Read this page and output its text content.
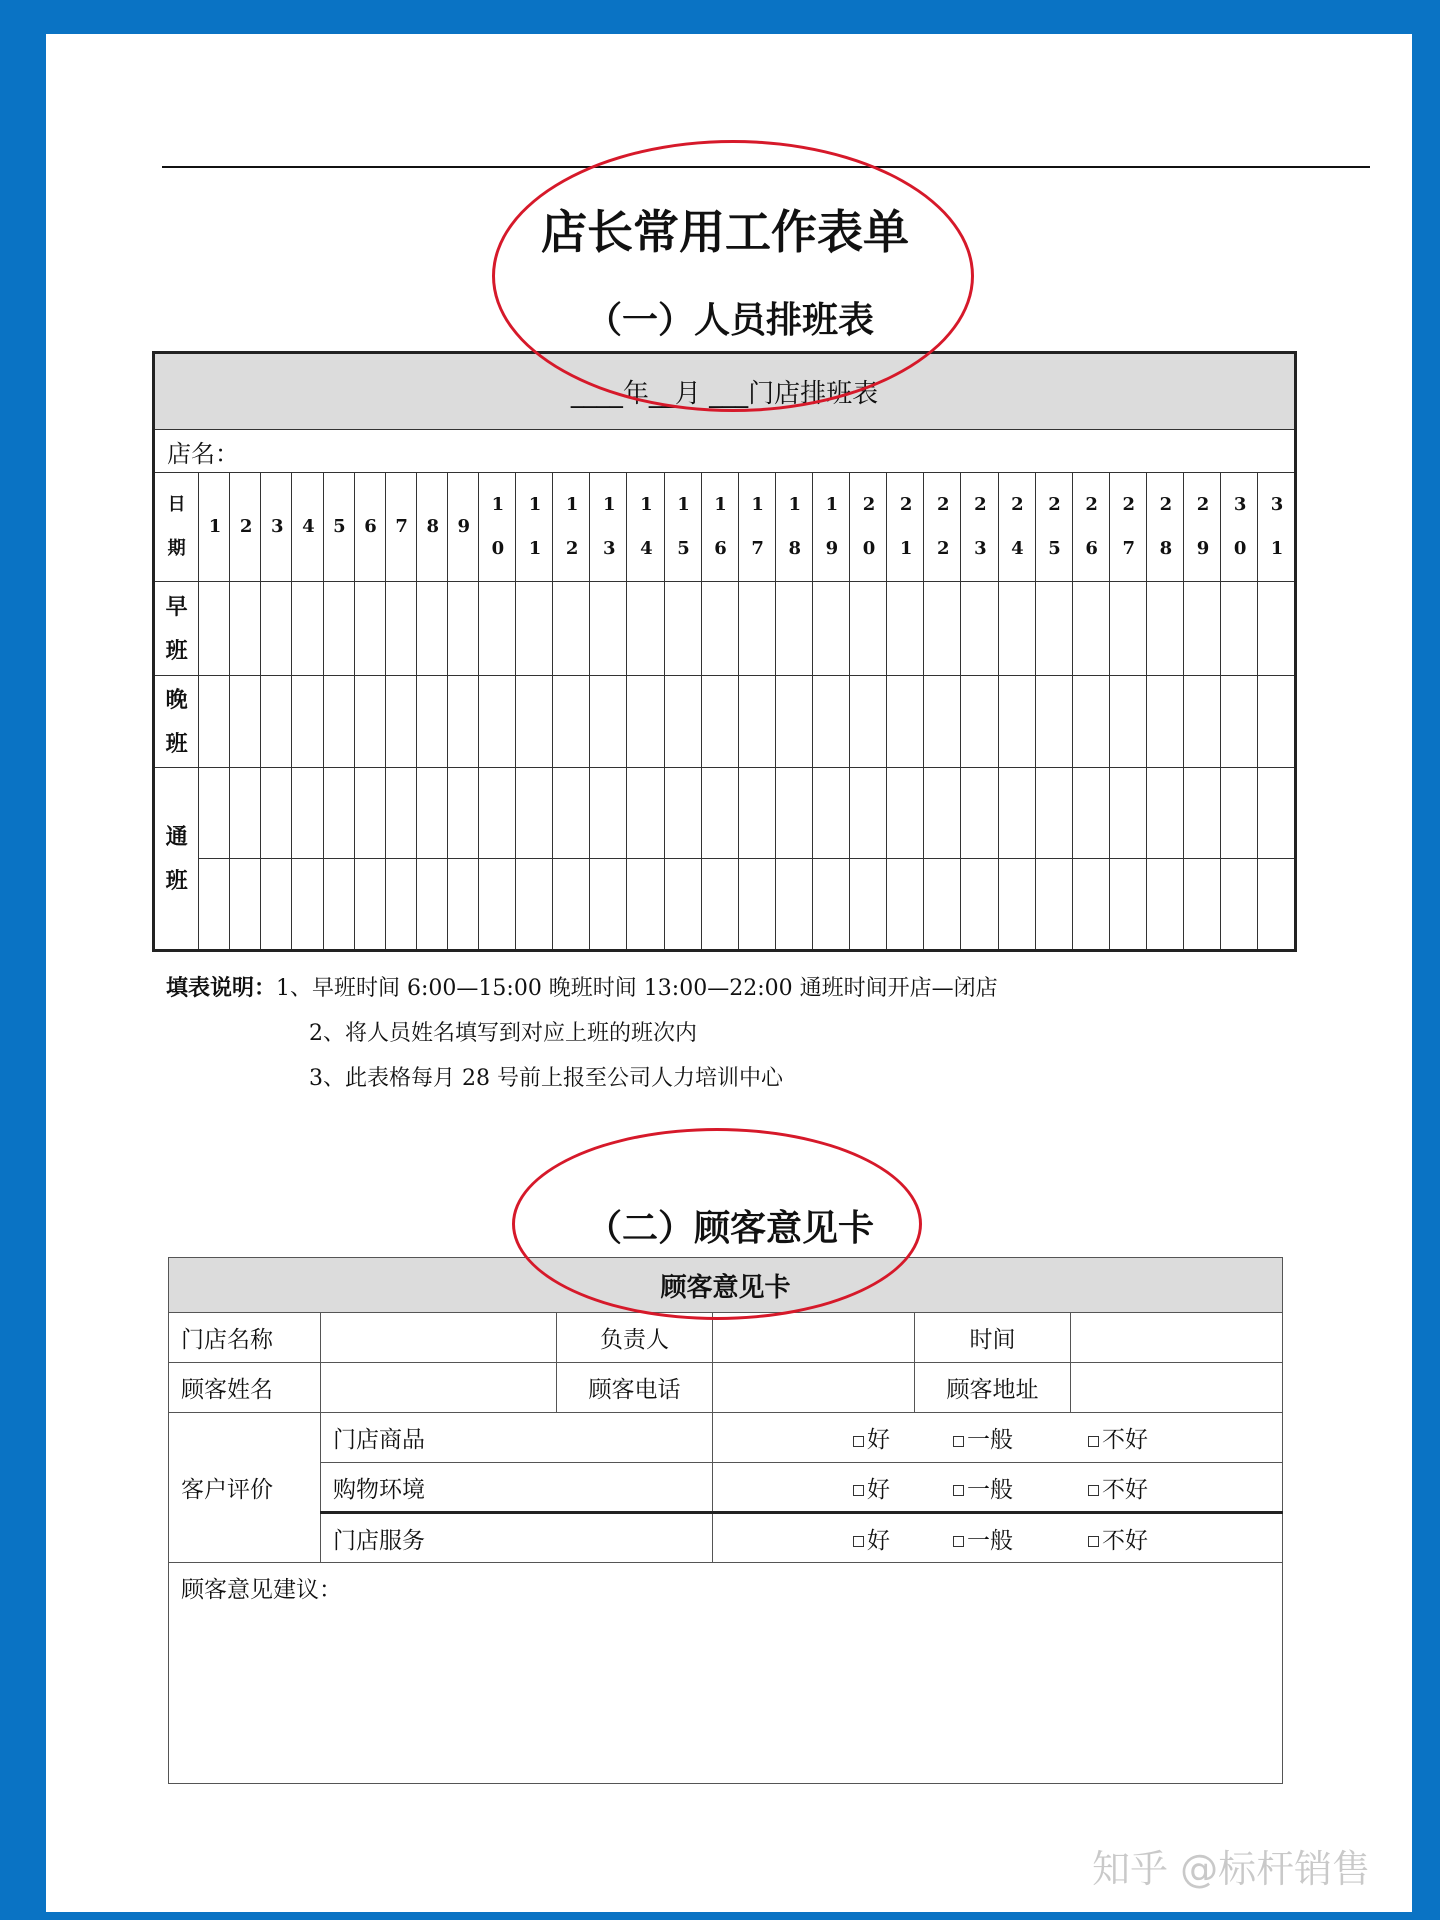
店长常用工作表单
（一）人员排班表
____年__月 ___门店排班表																															
店名：																															
日期	1	2	3	4	5	6	7	8	9	10	11	12	13	14	15	16	17	18	19	20	21	22	23	24	25	26	27	28	29	30	31
早班																															
晚班																															
通班																															

填表说明：1、早班时间 6:00—15:00 晚班时间 13:00—22:00 通班时间开店—闭店
2、将人员姓名填写到对应上班的班次内
3、此表格每月 28 号前上报至公司人力培训中心
（二）顾客意见卡
顾客意见卡					
门店名称		负责人		时间	
顾客姓名		顾客电话		顾客地址	
客户评价	门店商品		好 一般 不好		
	购物环境		好 一般 不好		
	门店服务		好 一般 不好		
顾客意见建议：					
知乎 @标杆销售
